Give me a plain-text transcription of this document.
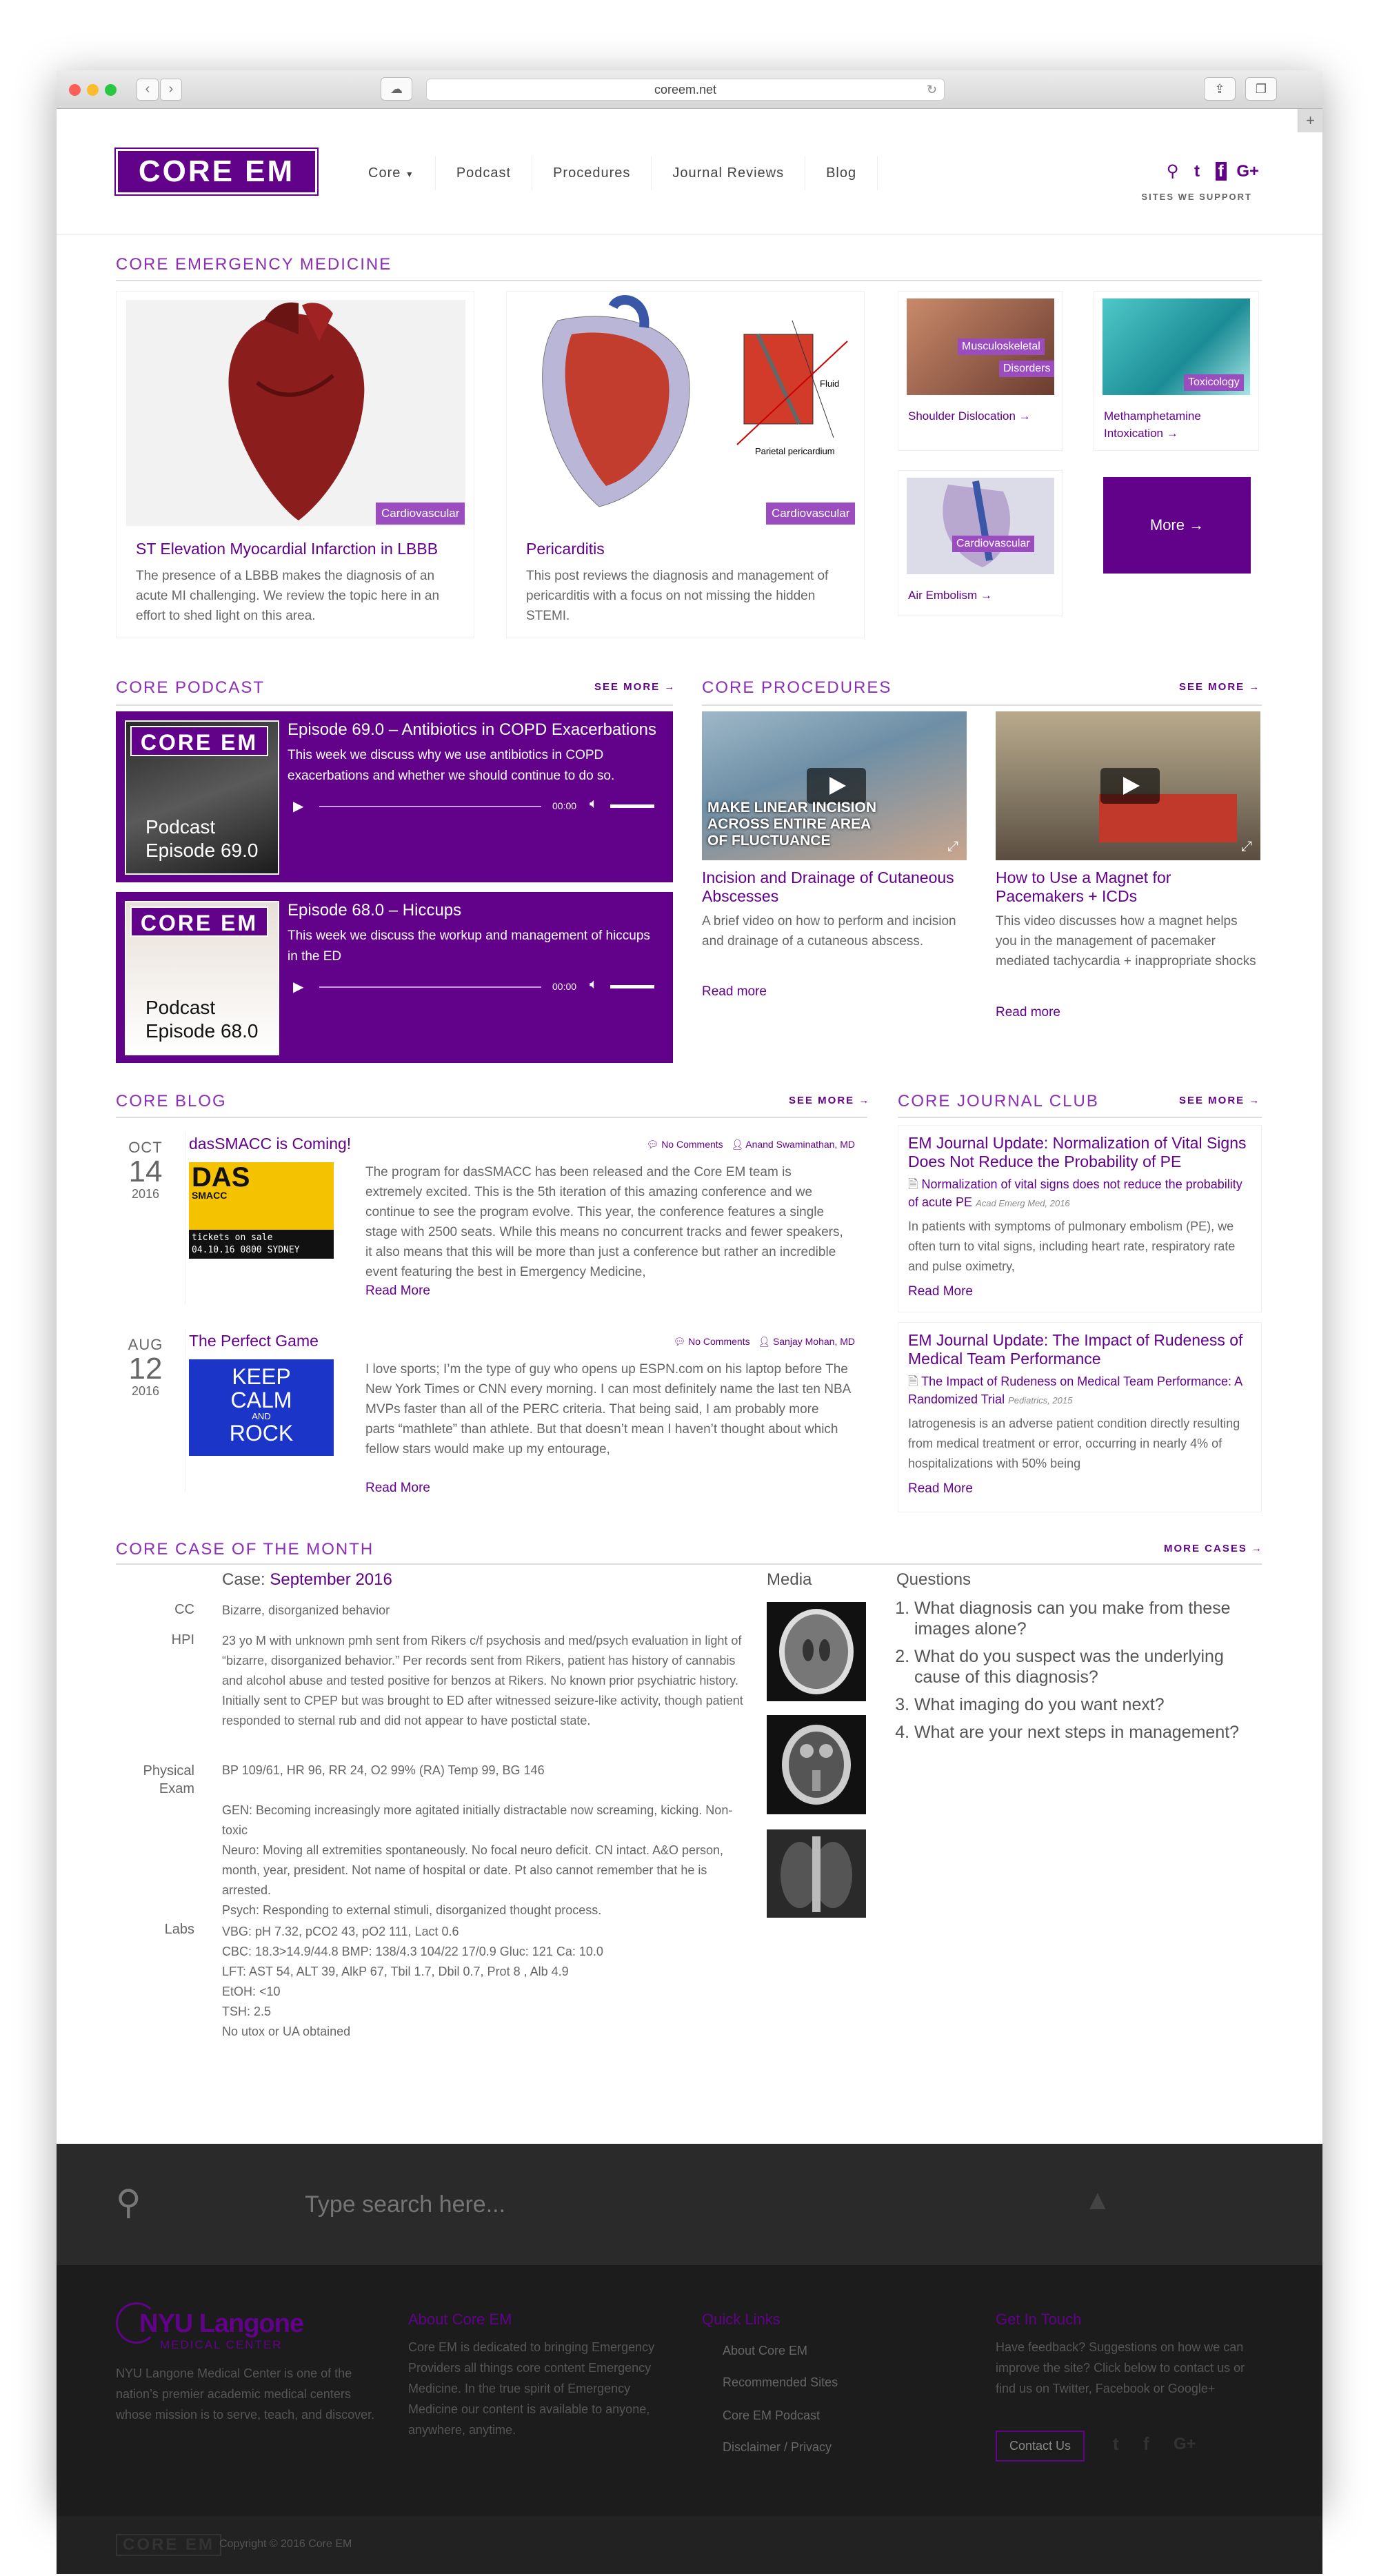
‹	›	☁	coreem.net	↻	⇪	❐
+
CORE EM	Core ▼	Podcast	Procedures	Journal Reviews	Blog	⚲ t f G+
SITES WE SUPPORT
CORE EMERGENCY MEDICINE
Cardiovascular
ST Elevation Myocardial Infarction in LBBB
The presence of a LBBB makes the diagnosis of an acute MI challenging. We review the topic here in an effort to shed light on this area.
Fluid
Parietal pericardium
Cardiovascular
Pericarditis
This post reviews the diagnosis and management of pericarditis with a focus on not missing the hidden STEMI.
Musculoskeletal
Disorders
Shoulder Dislocation →
Toxicology
Methamphetamine Intoxication →
Cardiovascular
Air Embolism →
More →
CORE PODCAST	SEE MORE →
CORE EM
Podcast
Episode 69.0
Episode 69.0 – Antibiotics in COPD Exacerbations
This week we discuss why we use antibiotics in COPD exacerbations and whether we should continue to do so.
▶	00:00 🔈︎
CORE EM
Podcast
Episode 68.0
Episode 68.0 – Hiccups
This week we discuss the workup and management of hiccups in the ED
▶	00:00 🔈︎
CORE PROCEDURES	SEE MORE →
MAKE LINEAR INCISION ACROSS ENTIRE AREA OF FLUCTUANCE	⤢
Incision and Drainage of Cutaneous Abscesses
A brief video on how to perform and incision and drainage of a cutaneous abscess.
Read more
⤢
How to Use a Magnet for Pacemakers + ICDs
This video discusses how a magnet helps you in the management of pacemaker mediated tachycardia + inappropriate shocks
Read more
CORE BLOG	SEE MORE →
OCT
14
2016
dasSMACC is Coming!	💬︎ No Comments 👤︎ Anand Swaminathan, MD
DAS
SMACC
tickets on sale
04.10.16 0800 SYDNEY
The program for dasSMACC has been released and the Core EM team is extremely excited. This is the 5th iteration of this amazing conference and we continue to see the program evolve. This year, the conference features a single stage with 2500 seats. While this means no concurrent tracks and fewer speakers, it also means that this will be more than just a conference but rather an incredible event featuring the best in Emergency Medicine,
Read More
AUG
12
2016
The Perfect Game	💬︎ No Comments 👤︎ Sanjay Mohan, MD
KEEP
CALM
AND
ROCK
I love sports; I’m the type of guy who opens up ESPN.com on his laptop before The New York Times or CNN every morning. I can most definitely name the last ten NBA MVPs faster than all of the PERC criteria. That being said, I am probably more parts “mathlete” than athlete. But that doesn’t mean I haven’t thought about which fellow stars would make up my entourage,
Read More
CORE JOURNAL CLUB	SEE MORE →
EM Journal Update: Normalization of Vital Signs Does Not Reduce the Probability of PE
🗎︎ Normalization of vital signs does not reduce the probability of acute PE Acad Emerg Med, 2016
In patients with symptoms of pulmonary embolism (PE), we often turn to vital signs, including heart rate, respiratory rate and pulse oximetry,
Read More
EM Journal Update: The Impact of Rudeness of Medical Team Performance
🗎︎ The Impact of Rudeness on Medical Team Performance: A Randomized Trial Pediatrics, 2015
Iatrogenesis is an adverse patient condition directly resulting from medical treatment or error, occurring in nearly 4% of hospitalizations with 50% being
Read More
CORE CASE OF THE MONTH	MORE CASES →
Case: September 2016
CC Bizarre, disorganized behavior
HPI 23 yo M with unknown pmh sent from Rikers c/f psychosis and med/psych evaluation in light of “bizarre, disorganized behavior.” Per records sent from Rikers, patient has history of cannabis and alcohol abuse and tested positive for benzos at Rikers. No known prior psychiatric history. Initially sent to CPEP but was brought to ED after witnessed seizure-like activity, though patient responded to sternal rub and did not appear to have postictal state.
Physical Exam
BP 109/61, HR 96, RR 24, O2 99% (RA) Temp 99, BG 146

GEN: Becoming increasingly more agitated initially distractable now screaming, kicking. Non-toxic
Neuro: Moving all extremities spontaneously. No focal neuro deficit. CN intact. A&O person, month, year, president. Not name of hospital or date. Pt also cannot remember that he is arrested.
Psych: Responding to external stimuli, disorganized thought process.
Labs VBG: pH 7.32, pCO2 43, pO2 111, Lact 0.6
CBC: 18.3>14.9/44.8 BMP: 138/4.3 104/22 17/0.9 Gluc: 121 Ca: 10.0
LFT: AST 54, ALT 39, AlkP 67, Tbil 1.7, Dbil 0.7, Prot 8 , Alb 4.9
EtOH: <10
TSH: 2.5
No utox or UA obtained
Media	Questions
1. What diagnosis can you make from these images alone?
2. What do you suspect was the underlying cause of this diagnosis?
3. What imaging do you want next?
4. What are your next steps in management?
⚲
Type search here...	▲
NYU Langone
MEDICAL CENTER
NYU Langone Medical Center is one of the nation’s premier academic medical centers whose mission is to serve, teach, and discover.
About Core EM
Core EM is dedicated to bringing Emergency Providers all things core content Emergency Medicine. In the true spirit of Emergency Medicine our content is available to anyone, anywhere, anytime.
Quick Links
About Core EM
Recommended Sites
Core EM Podcast
Disclaimer / Privacy
Get In Touch
Have feedback? Suggestions on how we can improve the site? Click below to contact us or find us on Twitter, Facebook or Google+
Contact Us	t f G+
CORE EM Copyright © 2016 Core EM
